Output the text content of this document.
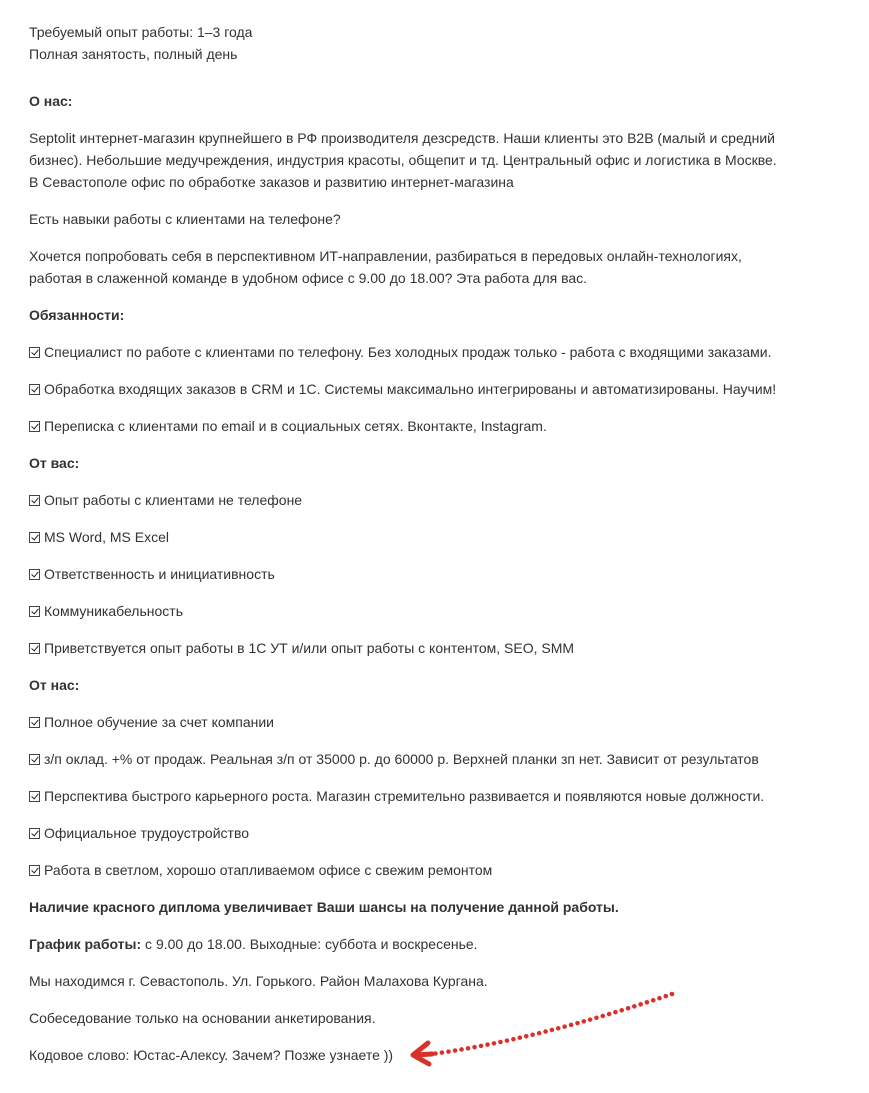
Требуемый опыт работы: 1–3 года
Полная занятость, полный день
О нас:
Septolit интернет-магазин крупнейшего в РФ производителя дезсредств. Наши клиенты это B2B (малый и средний
бизнес). Небольшие медучреждения, индустрия красоты, общепит и тд. Центральный офис и логистика в Москве.
В Севастополе офис по обработке заказов и развитию интернет-магазина
Есть навыки работы с клиентами на телефоне?
Хочется попробовать себя в перспективном ИТ-направлении, разбираться в передовых онлайн-технологиях,
работая в слаженной команде в удобном офисе с 9.00 до 18.00? Эта работа для вас.
Обязанности:
Специалист по работе с клиентами по телефону. Без холодных продаж только - работа с входящими заказами.
Обработка входящих заказов в CRM и 1С. Системы максимально интегрированы и автоматизированы. Научим!
Переписка с клиентами по email и в социальных сетях. Вконтакте, Instagram.
От вас:
Опыт работы с клиентами не телефоне
MS Word, MS Excel
Ответственность и инициативность
Коммуникабельность
Приветствуется опыт работы в 1С УТ и/или опыт работы с контентом, SEO, SMM
От нас:
Полное обучение за счет компании
з/п оклад. +% от продаж. Реальная з/п от 35000 р. до 60000 р. Верхней планки зп нет. Зависит от результатов
Перспектива быстрого карьерного роста. Магазин стремительно развивается и появляются новые должности.
Официальное трудоустройство
Работа в светлом, хорошо отапливаемом офисе с свежим ремонтом
Наличие красного диплома увеличивает Ваши шансы на получение данной работы.
График работы: с 9.00 до 18.00. Выходные: суббота и воскресенье.
Мы находимся г. Севастополь. Ул. Горького. Район Малахова Кургана.
Собеседование только на основании анкетирования.
Кодовое слово: Юстас-Алексу. Зачем? Позже узнаете ))
